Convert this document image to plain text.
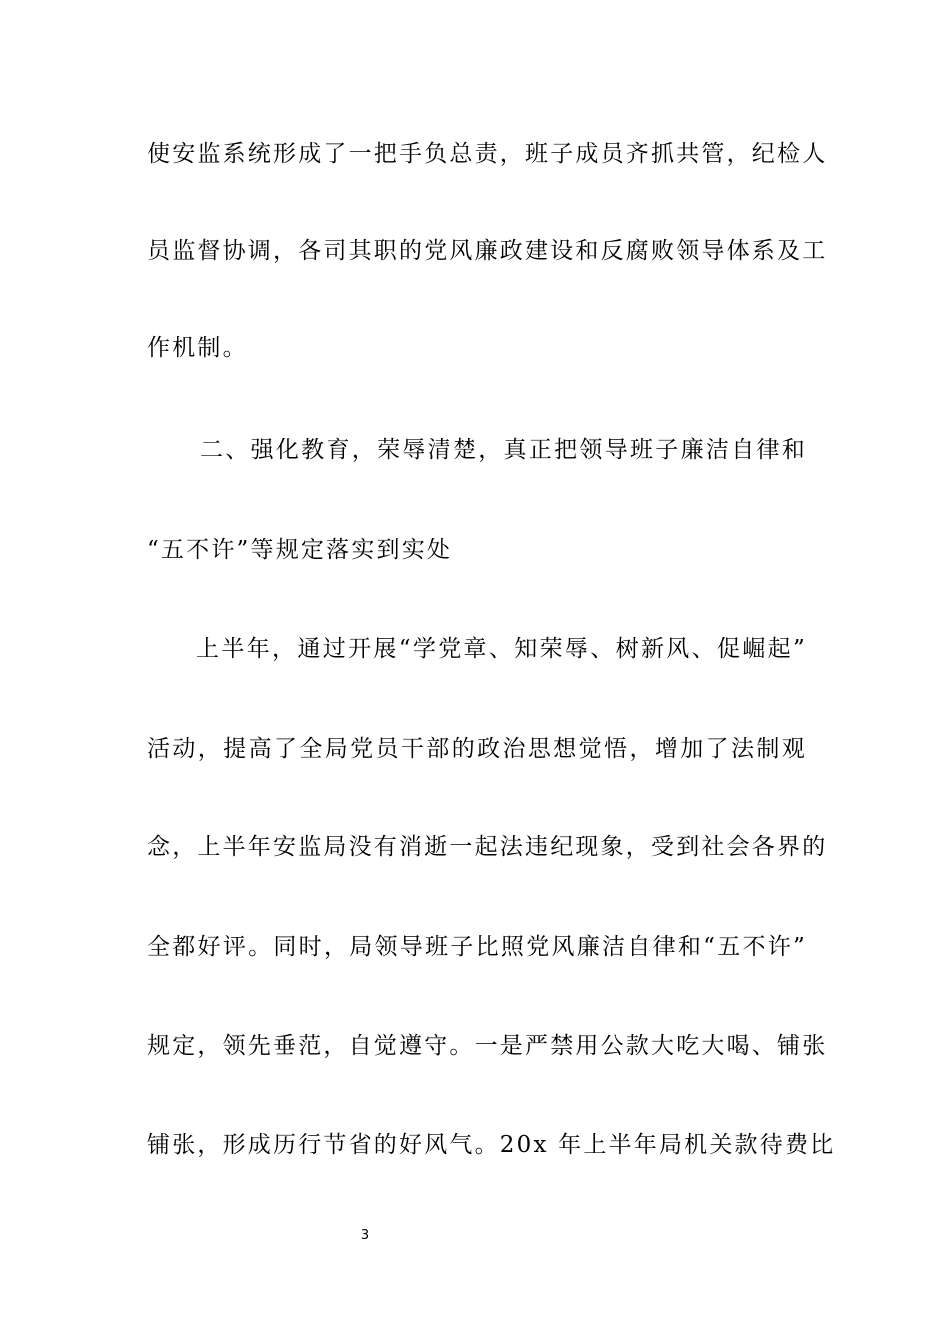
使安监系统形成了一把手负总责，班子成员齐抓共管，纪检人
员监督协调，各司其职的党风廉政建设和反腐败领导体系及工
作机制。
二、强化教育，荣辱清楚，真正把领导班子廉洁自律和
“五不许”等规定落实到实处
上半年，通过开展“学党章、知荣辱、树新风、促崛起”
活动，提高了全局党员干部的政治思想觉悟，增加了法制观
念，上半年安监局没有消逝一起法违纪现象，受到社会各界的
全都好评。同时，局领导班子比照党风廉洁自律和“五不许”
规定，领先垂范，自觉遵守。一是严禁用公款大吃大喝、铺张
铺张，形成历行节省的好风气。20x 年上半年局机关款待费比
3
